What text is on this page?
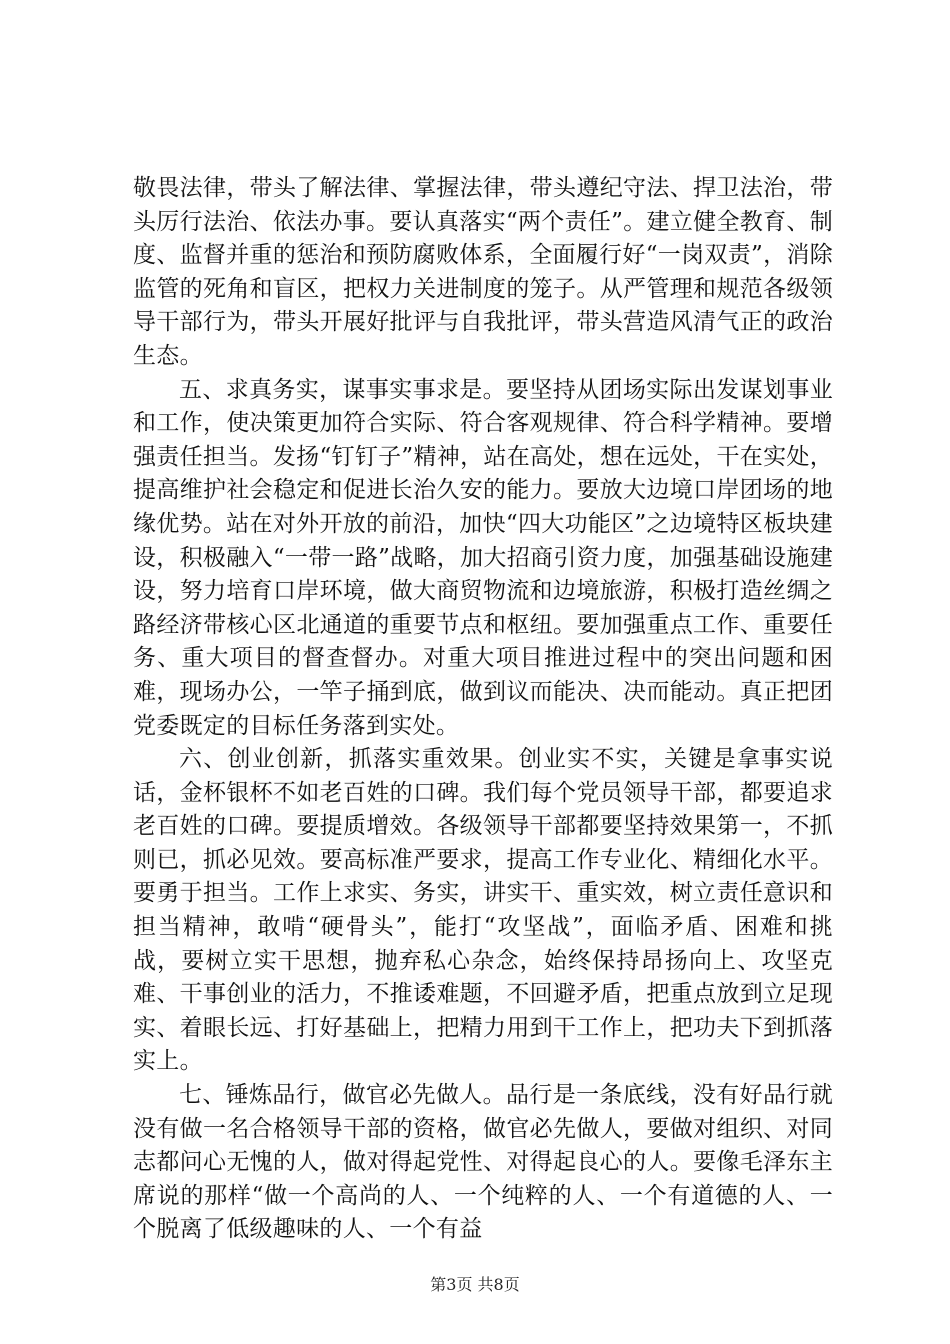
敬畏法律，带头了解法律、掌握法律，带头遵纪守法、捍卫法治，带头厉行法治、依法办事。要认真落实“两个责任”。建立健全教育、制度、监督并重的惩治和预防腐败体系，全面履行好“一岗双责”，消除监管的死角和盲区，把权力关进制度的笼子。从严管理和规范各级领导干部行为，带头开展好批评与自我批评，带头营造风清气正的政治生态。

五、求真务实，谋事实事求是。要坚持从团场实际出发谋划事业和工作，使决策更加符合实际、符合客观规律、符合科学精神。要增强责任担当。发扬“钉钉子”精神，站在高处，想在远处，干在实处，提高维护社会稳定和促进长治久安的能力。要放大边境口岸团场的地缘优势。站在对外开放的前沿，加快“四大功能区”之边境特区板块建设，积极融入“一带一路”战略，加大招商引资力度，加强基础设施建设，努力培育口岸环境，做大商贸物流和边境旅游，积极打造丝绸之路经济带核心区北通道的重要节点和枢纽。要加强重点工作、重要任务、重大项目的督查督办。对重大项目推进过程中的突出问题和困难，现场办公，一竿子捅到底，做到议而能决、决而能动。真正把团党委既定的目标任务落到实处。

六、创业创新，抓落实重效果。创业实不实，关键是拿事实说话，金杯银杯不如老百姓的口碑。我们每个党员领导干部，都要追求老百姓的口碑。要提质增效。各级领导干部都要坚持效果第一，不抓则已，抓必见效。要高标准严要求，提高工作专业化、精细化水平。要勇于担当。工作上求实、务实，讲实干、重实效，树立责任意识和担当精神，敢啃“硬骨头”，能打“攻坚战”，面临矛盾、困难和挑战，要树立实干思想，抛弃私心杂念，始终保持昂扬向上、攻坚克难、干事创业的活力，不推诿难题，不回避矛盾，把重点放到立足现实、着眼长远、打好基础上，把精力用到干工作上，把功夫下到抓落实上。

七、锤炼品行，做官必先做人。品行是一条底线，没有好品行就没有做一名合格领导干部的资格，做官必先做人，要做对组织、对同志都问心无愧的人，做对得起党性、对得起良心的人。要像毛泽东主席说的那样“做一个高尚的人、一个纯粹的人、一个有道德的人、一个脱离了低级趣味的人、一个有益

第3页 共8页
